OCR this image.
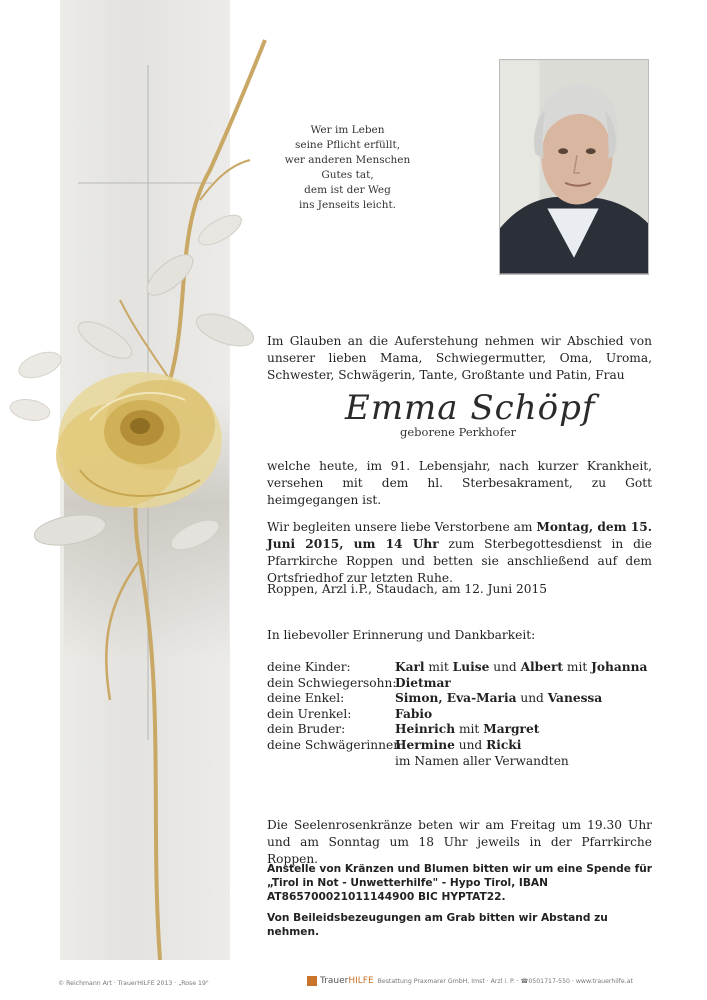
Wer im Leben
seine Pflicht erfüllt,
wer anderen Menschen
Gutes tat,
dem ist der Weg
ins Jenseits leicht.
Im Glauben an die Auferstehung nehmen wir Abschied von unserer lieben Mama, Schwiegermutter, Oma, Uroma, Schwester, Schwägerin, Tante, Großtante und Patin, Frau
Emma Schöpf
geborene Perkhofer
welche heute, im 91. Lebensjahr, nach kurzer Krankheit, versehen mit dem hl. Sterbesakrament, zu Gott heimgegangen ist.
Wir begleiten unsere liebe Verstorbene am Montag, dem 15. Juni 2015, um 14 Uhr zum Sterbegottesdienst in die Pfarrkirche Roppen und betten sie anschließend auf dem Ortsfriedhof zur letzten Ruhe.
Roppen, Arzl i.P., Staudach, am 12. Juni 2015
In liebevoller Erinnerung und Dankbarkeit:
deine Kinder:	Karl mit Luise und Albert mit Johanna
dein Schwiegersohn:
Dietmar
deine Enkel:	Simon, Eva-Maria und Vanessa
dein Urenkel:	Fabio
dein Bruder:	Heinrich mit Margret
deine Schwägerinnen:
Hermine und Ricki
im Namen aller Verwandten
Die Seelenrosenkränze beten wir am Freitag um 19.30 Uhr und am Sonntag um 18 Uhr jeweils in der Pfarrkirche Roppen.
Anstelle von Kränzen und Blumen bitten wir um eine Spende für „Tirol in Not - Unwetterhilfe" - Hypo Tirol, IBAN AT865700021011144900 BIC HYPTAT22.
Von Beileidsbezeugungen am Grab bitten wir Abstand zu nehmen.
© Reichmann Art · TrauerHILFE 2013 · „Rose 19"	TrauerHILFE Bestattung Praxmarer GmbH, Imst · Arzl i. P. · ☎0501717-550 · www.trauerhilfe.at
